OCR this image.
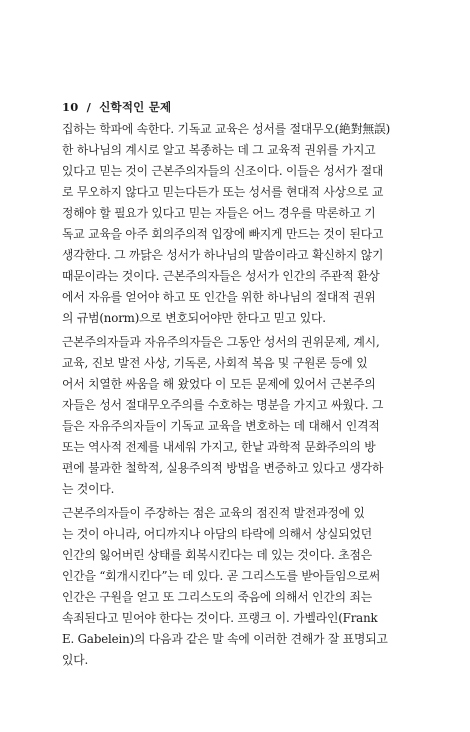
10 / 신학적인 문제
집하는 학파에 속한다. 기독교 교육은 성서를 절대무오(絶對無誤)
한 하나님의 계시로 알고 복종하는 데 그 교육적 권위를 가지고
있다고 믿는 것이 근본주의자들의 신조이다. 이들은 성서가 절대
로 무오하지 않다고 믿는다든가 또는 성서를 현대적 사상으로 교
정해야 할 필요가 있다고 믿는 자들은 어느 경우를 막론하고 기
독교 교육을 아주 회의주의적 입장에 빠지게 만드는 것이 된다고
생각한다. 그 까닭은 성서가 하나님의 말씀이라고 확신하지 않기
때문이라는 것이다. 근본주의자들은 성서가 인간의 주관적 환상
에서 자유를 얻어야 하고 또 인간을 위한 하나님의 절대적 권위
의 규범(norm)으로 변호되어야만 한다고 믿고 있다.
근본주의자들과 자유주의자들은 그동안 성서의 권위문제, 계시,
교육, 진보 발전 사상, 기독론, 사회적 복음 및 구원론 등에 있
어서 치열한 싸움을 해 왔었다 이 모든 문제에 있어서 근본주의
자들은 성서 절대무오주의를 수호하는 명분을 가지고 싸웠다. 그
들은 자유주의자들이 기독교 교육을 변호하는 데 대해서 인격적
또는 역사적 전제를 내세워 가지고, 한낱 과학적 문화주의의 방
편에 불과한 철학적, 실용주의적 방법을 변증하고 있다고 생각하
는 것이다.
근본주의자들이 주장하는 점은 교육의 점진적 발전과정에 있
는 것이 아니라, 어디까지나 아담의 타락에 의해서 상실되었던
인간의 잃어버린 상태를 회복시킨다는 데 있는 것이다. 초점은
인간을 “회개시킨다”는 데 있다. 곧 그리스도를 받아들임으로써
인간은 구원을 얻고 또 그리스도의 죽음에 의해서 인간의 죄는
속죄된다고 믿어야 한다는 것이다. 프랭크 이. 가벨라인(Frank
E. Gabelein)의 다음과 같은 말 속에 이러한 견해가 잘 표명되고
있다.
